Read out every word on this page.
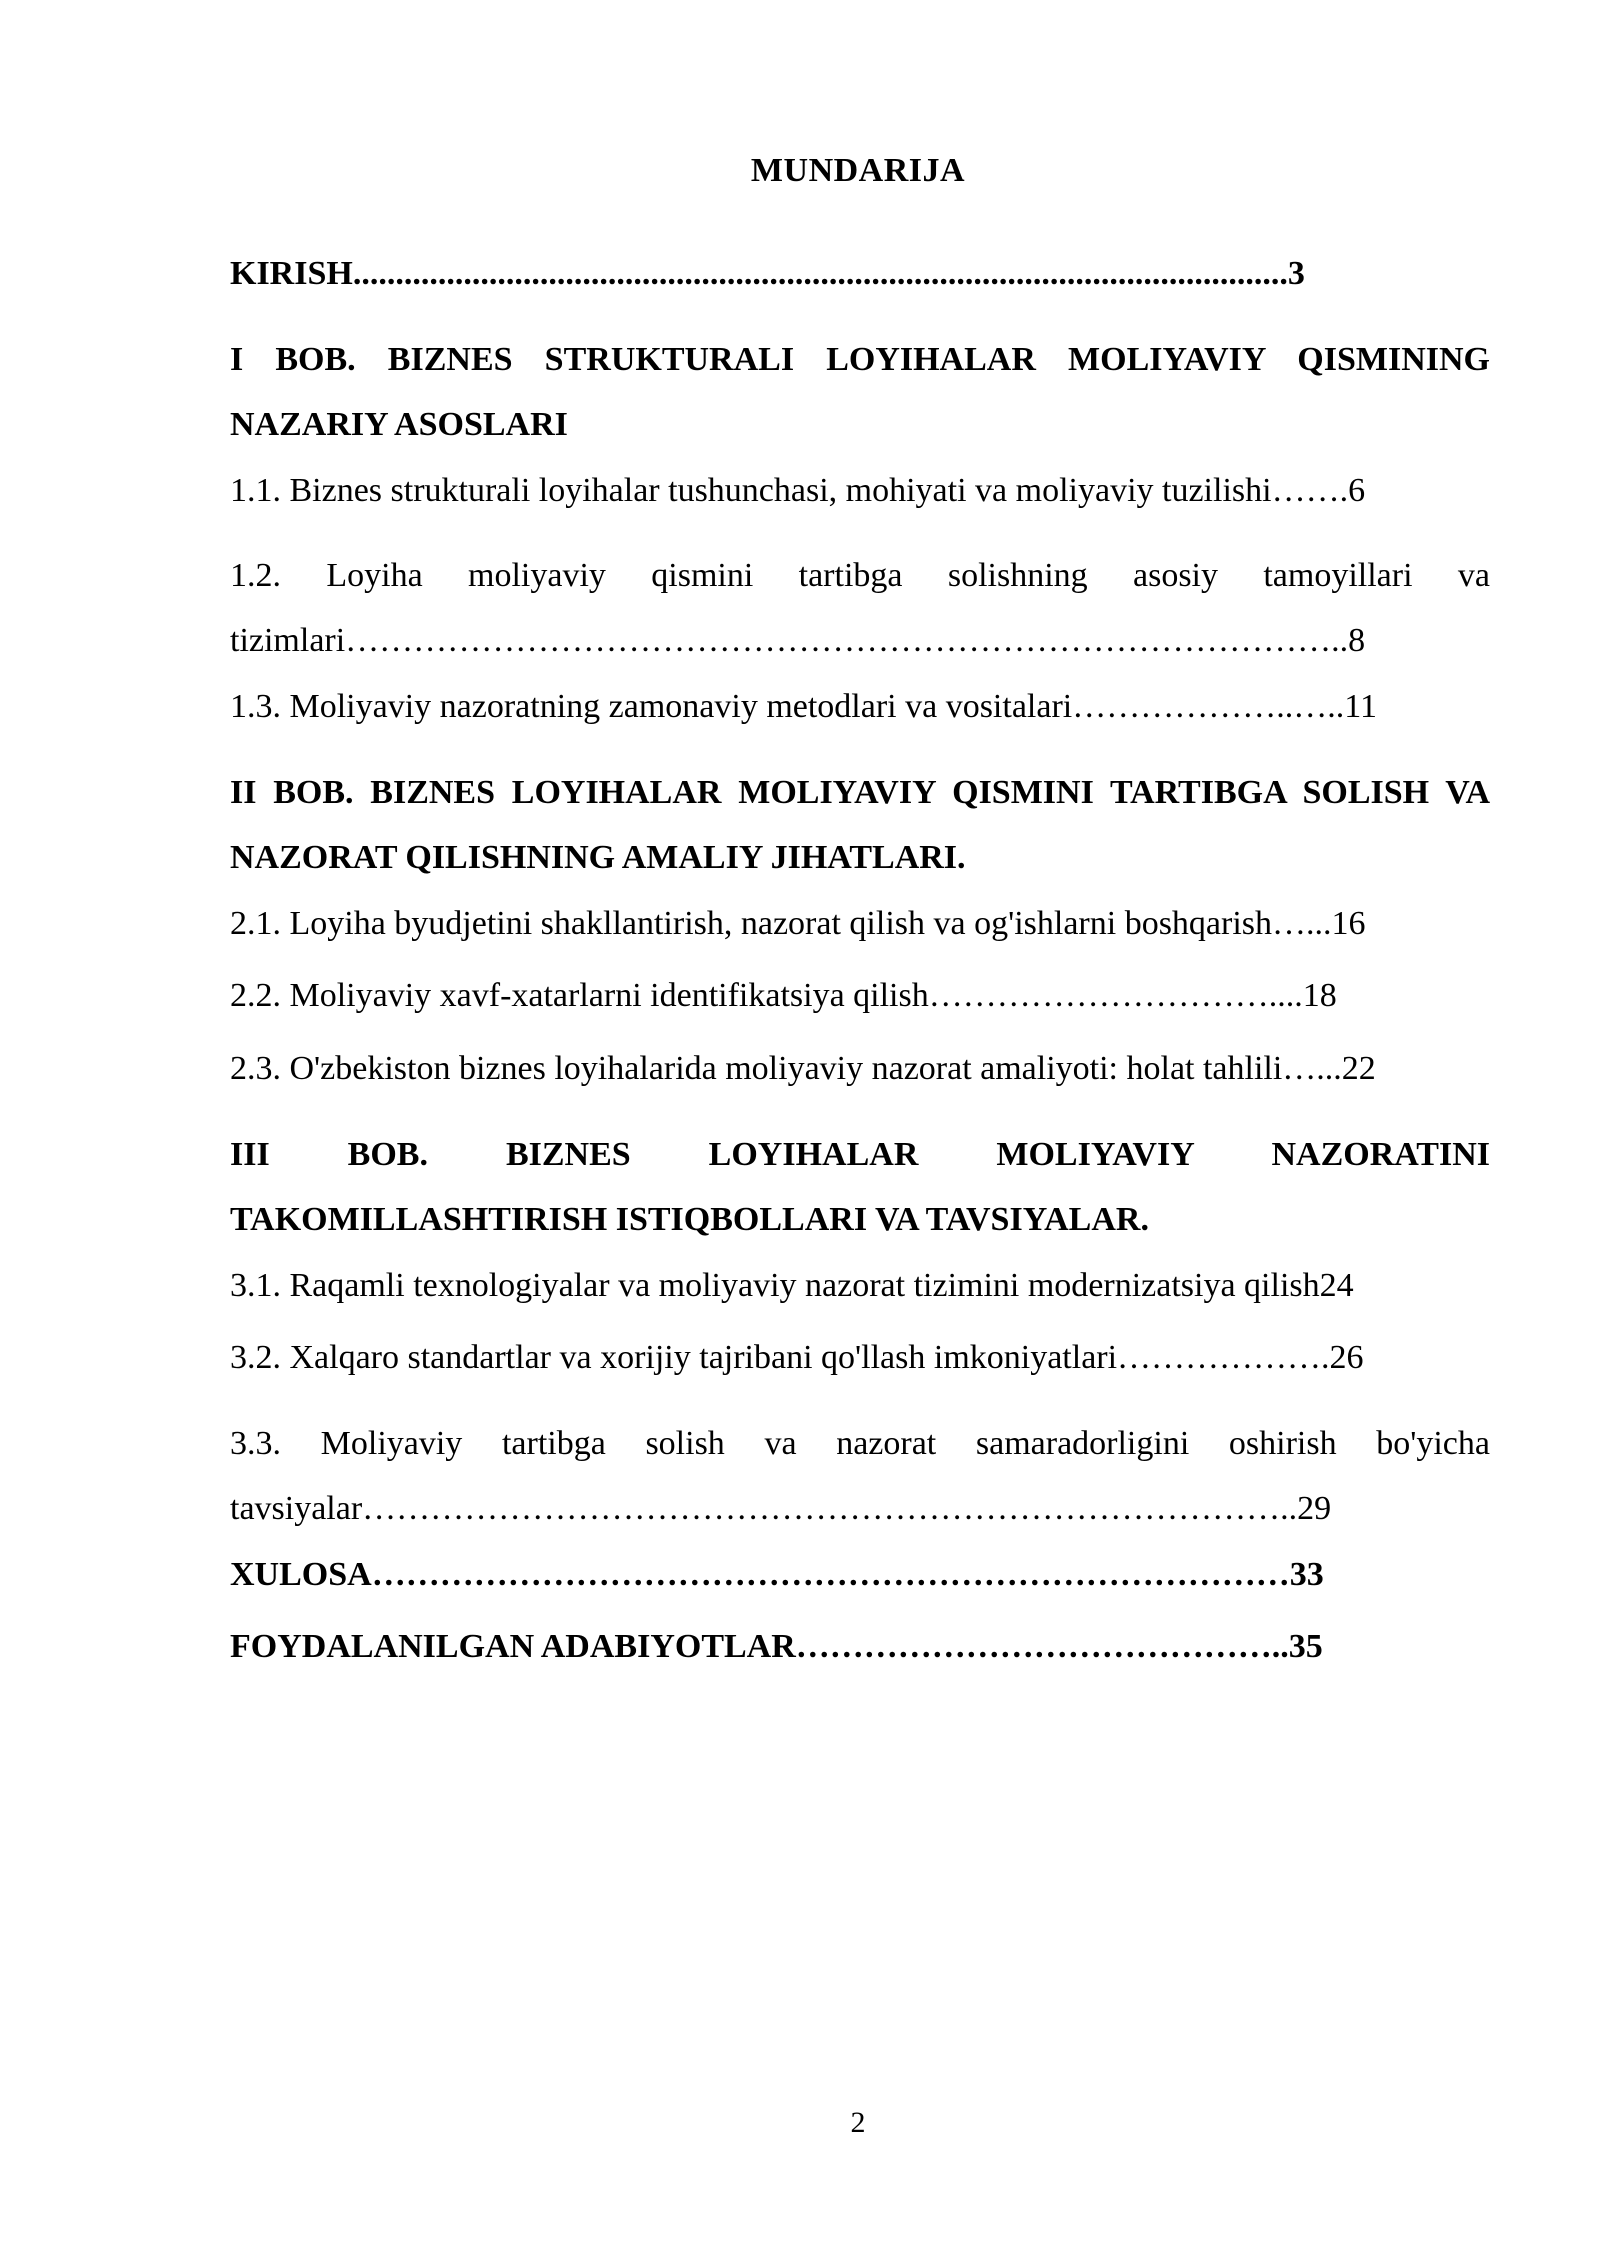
MUNDARIJA

KIRISH..............................................................................................................3

I BOB. BIZNES STRUKTURALI LOYIHALAR MOLIYAVIY QISMINING NAZARIY ASOSLARI

1.1. Biznes strukturali loyihalar tushunchasi, mohiyati va moliyaviy tuzilishi…….6

1.2. Loyiha moliyaviy qismini tartibga solishning asosiy tamoyillari va tizimlari……………………………………………………………………………..8

1.3. Moliyaviy nazoratning zamonaviy metodlari va vositalari………………..…..11

II BOB. BIZNES LOYIHALAR MOLIYAVIY QISMINI TARTIBGA SOLISH VA NAZORAT QILISHNING AMALIY JIHATLARI.

2.1. Loyiha byudjetini shakllantirish, nazorat qilish va og'ishlarni boshqarish…...16

2.2. Moliyaviy xavf-xatarlarni identifikatsiya qilish…………………………....18

2.3. O'zbekiston biznes loyihalarida moliyaviy nazorat amaliyoti: holat tahlili…...22

III BOB. BIZNES LOYIHALAR MOLIYAVIY NAZORATINI TAKOMILLASHTIRISH ISTIQBOLLARI VA TAVSIYALAR.

3.1. Raqamli texnologiyalar va moliyaviy nazorat tizimini modernizatsiya qilish24

3.2. Xalqaro standartlar va xorijiy tajribani qo'llash imkoniyatlari……………….26

3.3. Moliyaviy tartibga solish va nazorat samaradorligini oshirish bo'yicha tavsiyalar………………………………………………………………………..29

XULOSA………………………………………………………………………33

FOYDALANILGAN ADABIYOTLAR……………………………………..35

2
